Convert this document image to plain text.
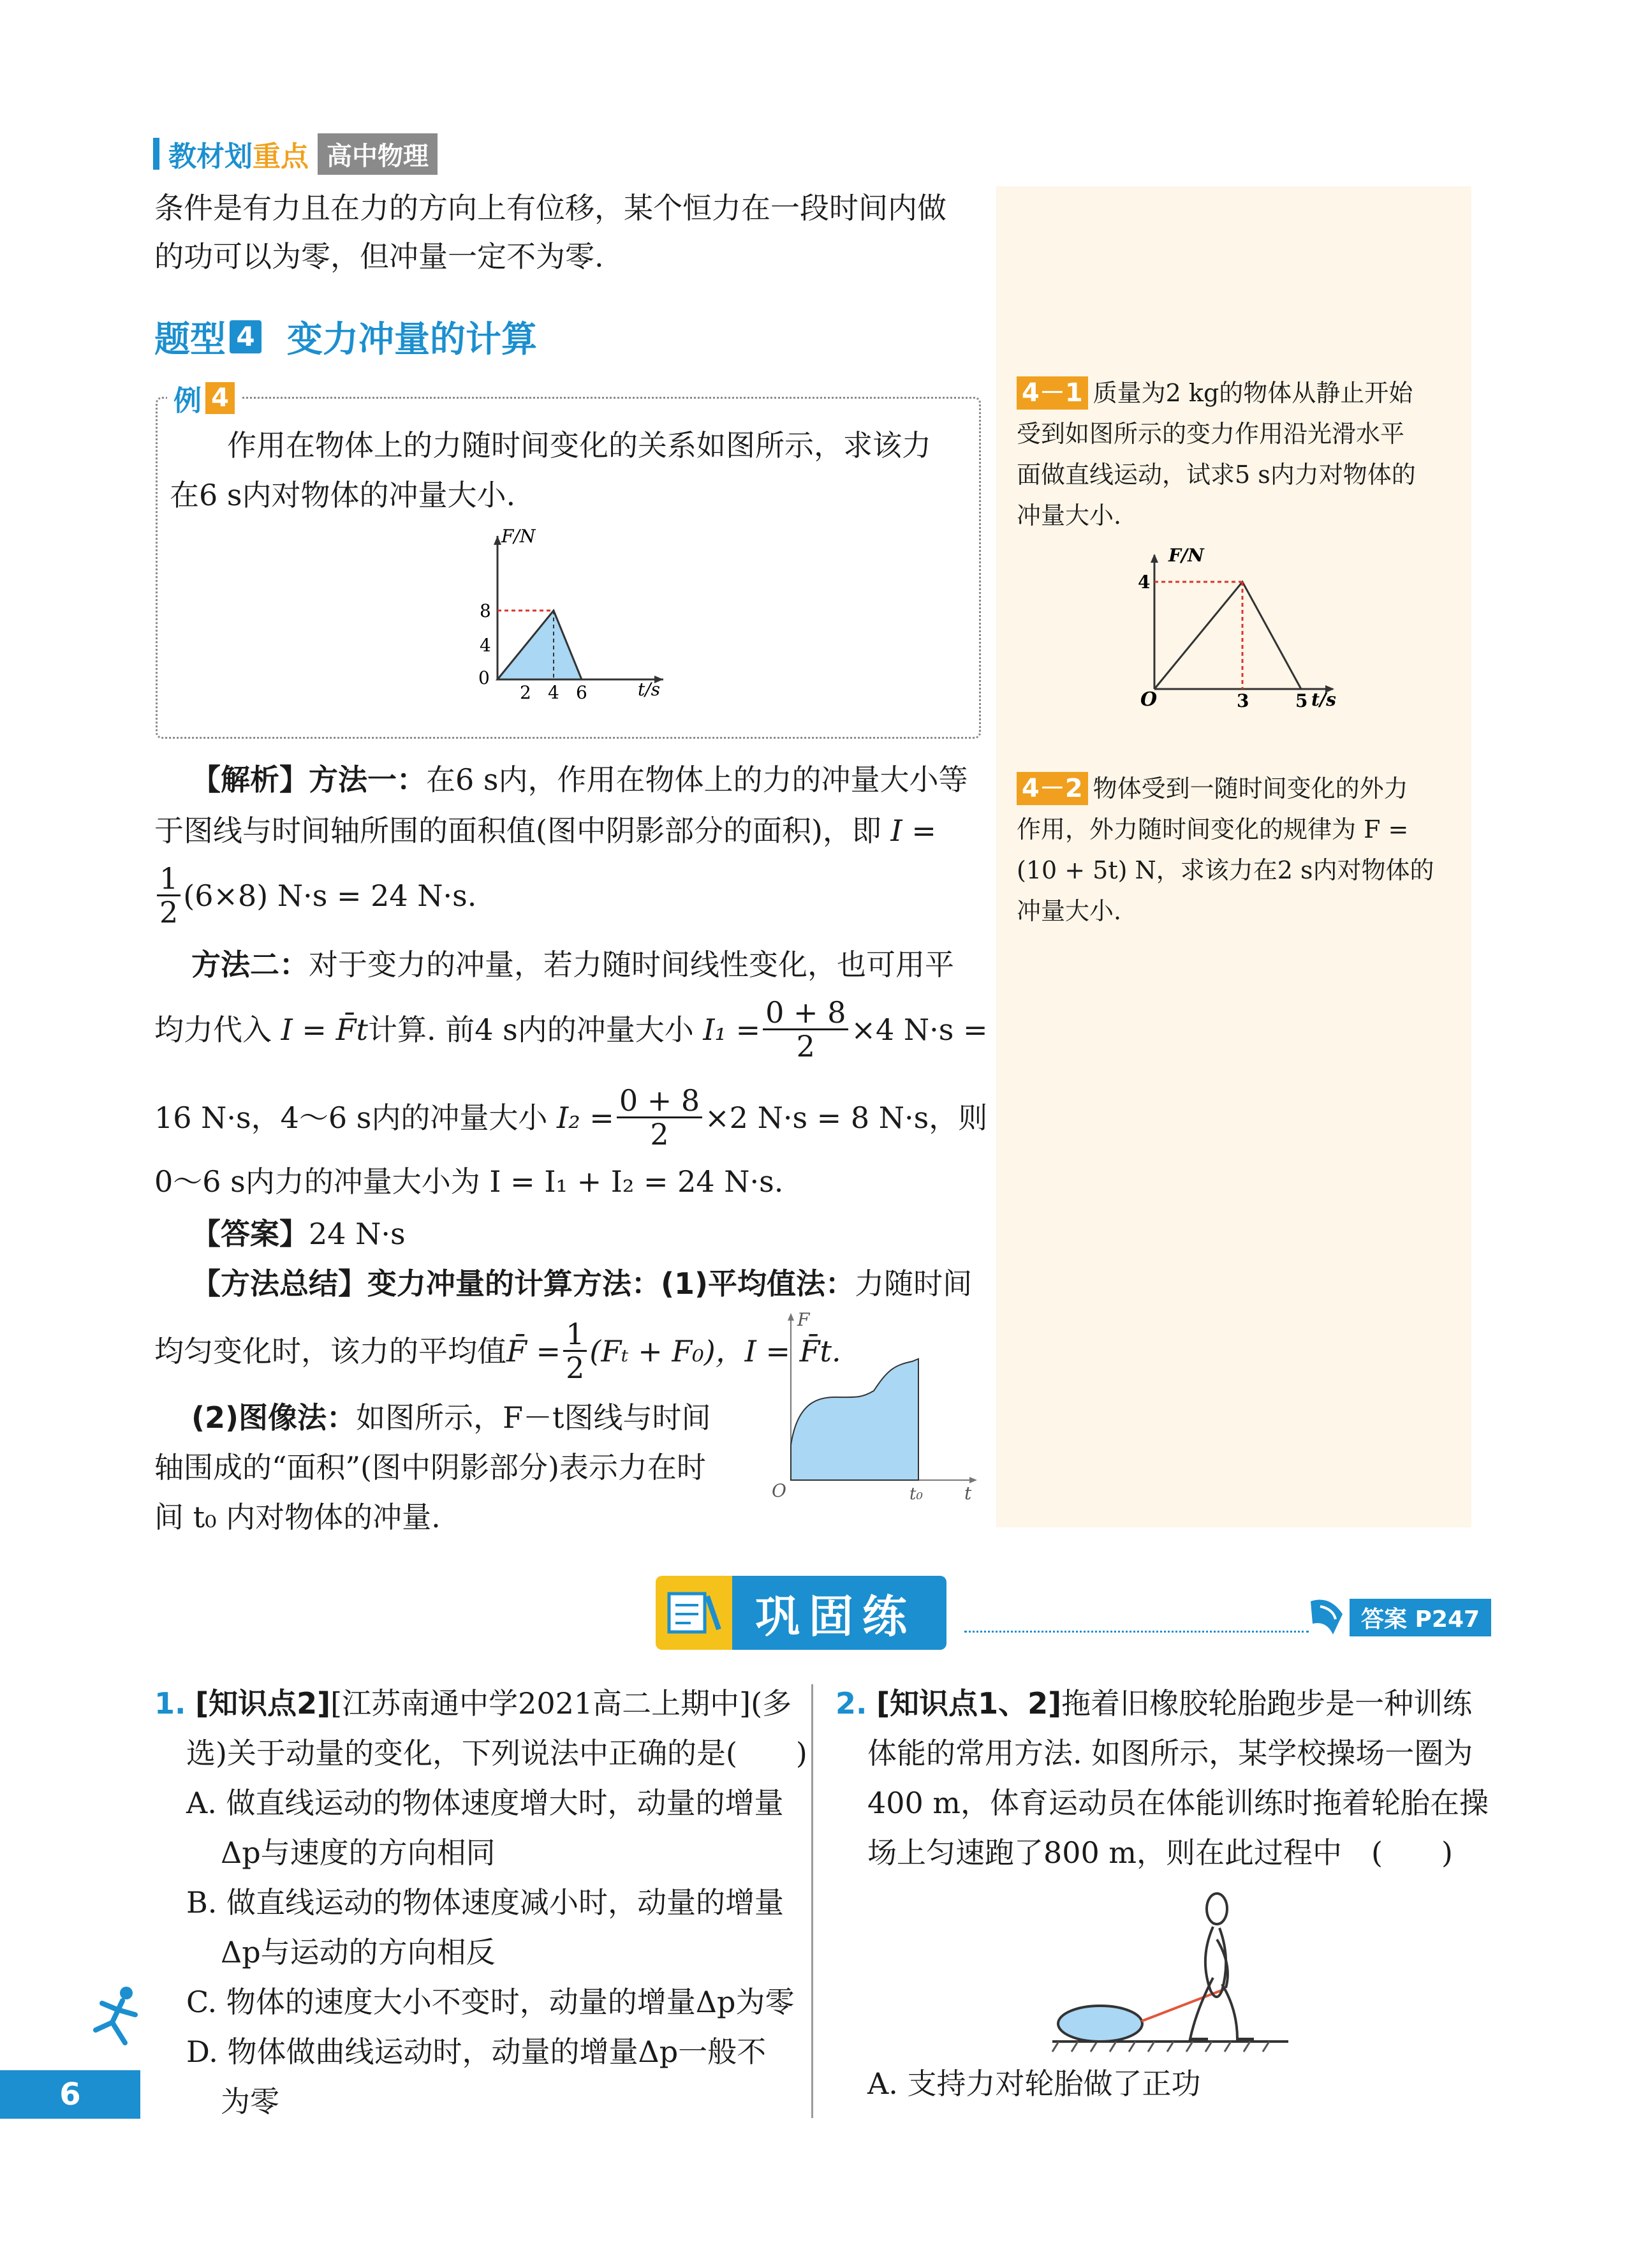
教材划重点 高中物理
条件是有力且在力的方向上有位移，某个恒力在一段时间内做
的功可以为零，但冲量一定不为零.
题型 4 变力冲量的计算
例 4
作用在物体上的力随时间变化的关系如图所示，求该力
在6 s内对物体的冲量大小.
2 4 6
8
4
F/N
t/s
0
4－1 质量为2 kg的物体从静止开始
受到如图所示的变力作用沿光滑水平
面做直线运动，试求5 s内力对物体的
冲量大小.
3	5
4
F/N
t/s
O
4－2 物体受到一随时间变化的外力
作用，外力随时间变化的规律为 F =
(10 + 5t) N，求该力在2 s内对物体的
冲量大小.
【解析】方法一：在6 s内，作用在物体上的力的冲量大小等
于图线与时间轴所围的面积值(图中阴影部分的面积)，即 I =
$\frac{1}{2} (6\times 8) N\cdot s = 24$ N·s.
方法二：对于变力的冲量，若力随时间线性变化，也可用平
均力代入
I = F̄t 计算. 前4 s内的冲量大小
$I_1 = \frac{0 + 8}{2} \times 4$ N·s =
16 N·s，4～6 s内的冲量大小
$I_2 = \frac{0 + 8}{2} \times 2$ N·s = 8 N·s，则
0～6 s内力的冲量大小为 I = I₁ + I₂ = 24 N·s.
【答案】24 N·s
【方法总结】变力冲量的计算方法：(1)平均值法：力随时间
均匀变化时，该力的平均值 F̄ = $\frac{1}{2} (F_t + F_0)$，I = F̄t.
(2)图像法：如图所示，F－t图线与时间
轴围成的“面积”(图中阴影部分)表示力在时
间 t₀ 内对物体的冲量.
F
t
O	t₀
巩固练	答案 P247
1. [知识点2][江苏南通中学2021高二上期中](多
选)关于动量的变化，下列说法中正确的是(　　)
A. 做直线运动的物体速度增大时，动量的增量
Δp与速度的方向相同
B. 做直线运动的物体速度减小时，动量的增量
Δp与运动的方向相反
C. 物体的速度大小不变时，动量的增量Δp为零
D. 物体做曲线运动时，动量的增量Δp一般不
为零
2. [知识点1、2]拖着旧橡胶轮胎跑步是一种训练
体能的常用方法. 如图所示，某学校操场一圈为
400 m，体育运动员在体能训练时拖着轮胎在操
场上匀速跑了800 m，则在此过程中 (　　)
A. 支持力对轮胎做了正功
6
